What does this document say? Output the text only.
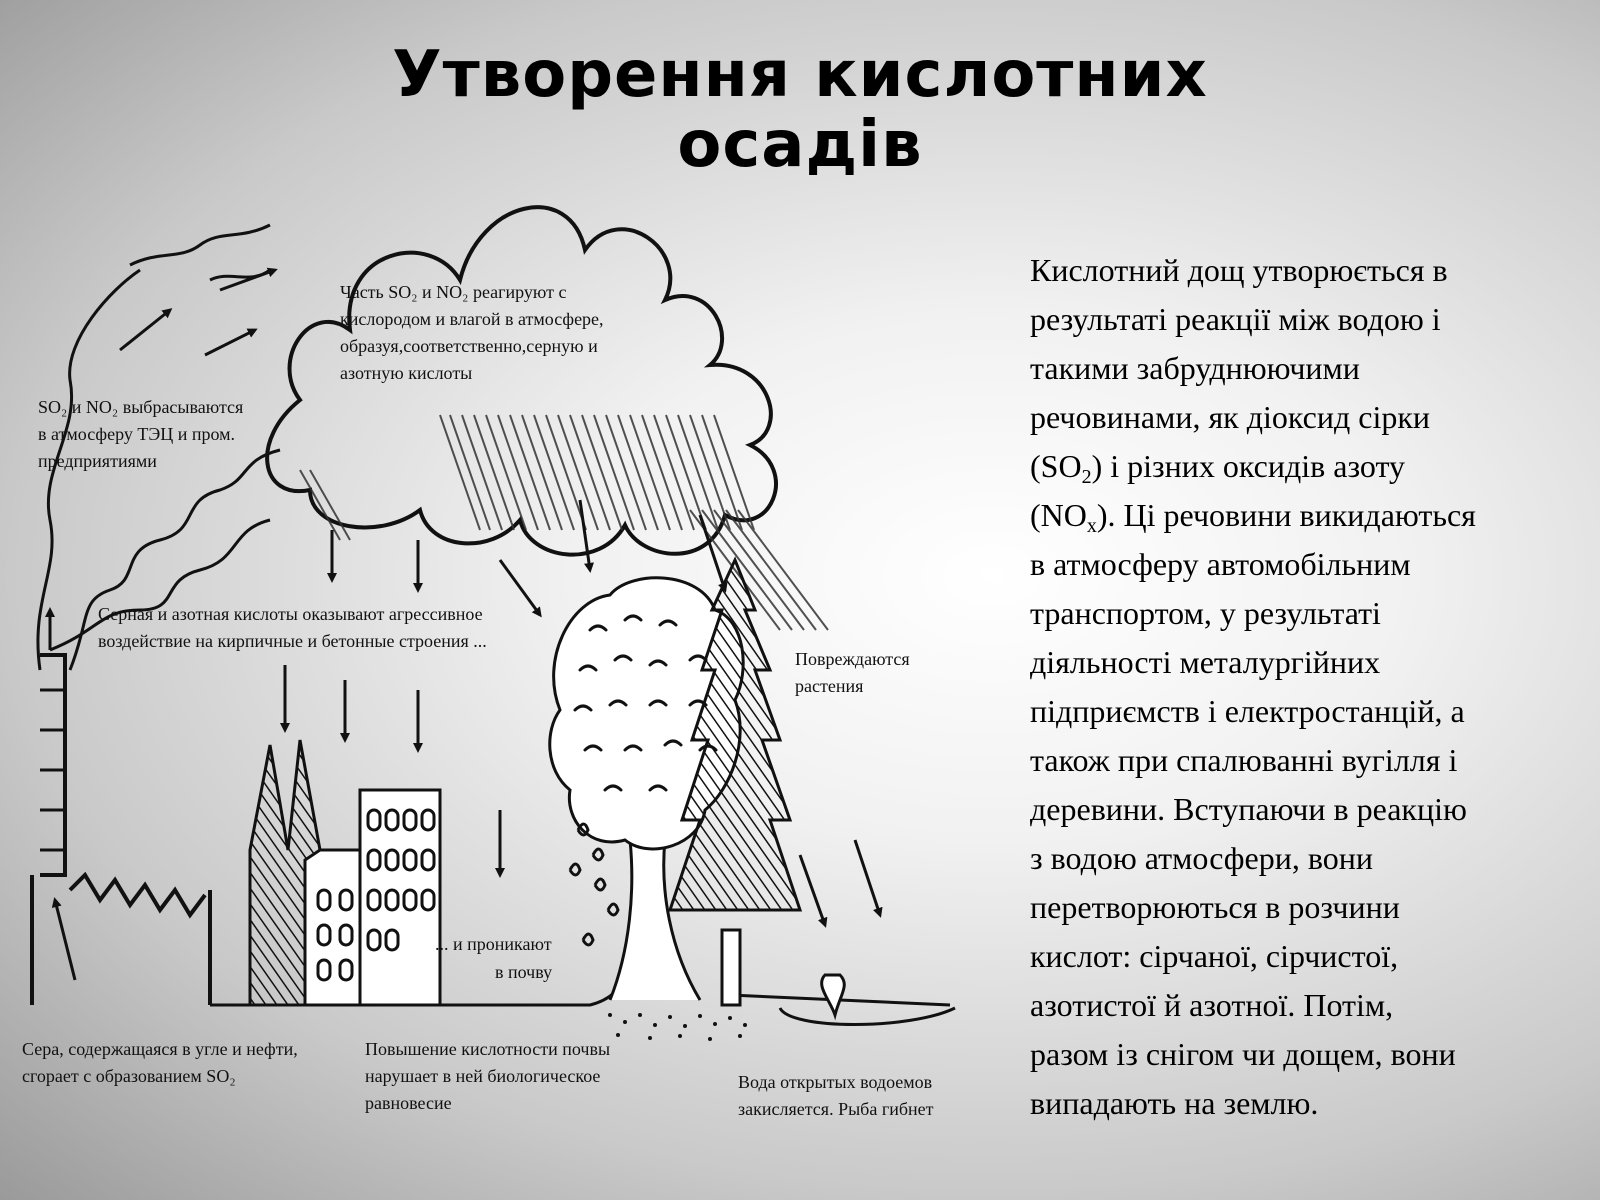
Утворення кислотних
осадів
Кислотний дощ утворюється в
результаті реакції між водою і
такими забруднюючими
речовинами, як діоксид сірки
$(SO_2)$ і різних оксидів азоту
$(NO_x)$. Ці речовини викидаються
в атмосферу автомобільним
транспортом, у результаті
діяльності металургійних
підприємств і електростанцій, а
також при спалюванні вугілля і
деревини. Вступаючи в реакцію
з водою атмосфери, вони
перетворюються в розчини
кислот: сірчаної, сірчистої,
азотистої й азотної. Потім,
разом із снігом чи дощем, вони
випадають на землю.
Часть SO₂ и NO₂ реагируют с кислородом и влагой в атмосфере, образуя,соответственно,серную и азотную кислоты
SO₂ и NO₂ выбрасываются в атмосферу ТЭЦ и пром. предприятиями
Серная и азотная кислоты оказывают агрессивное воздействие на кирпичные и бетонные строения ...
Повреждаются растения
... и проникают в почву
Сера, содержащаяся в угле и нефти, сгорает с образованием SO₂
Повышение кислотности почвы нарушает в ней биологическое равновесие
Вода открытых водоемов закисляется. Рыба гибнет
